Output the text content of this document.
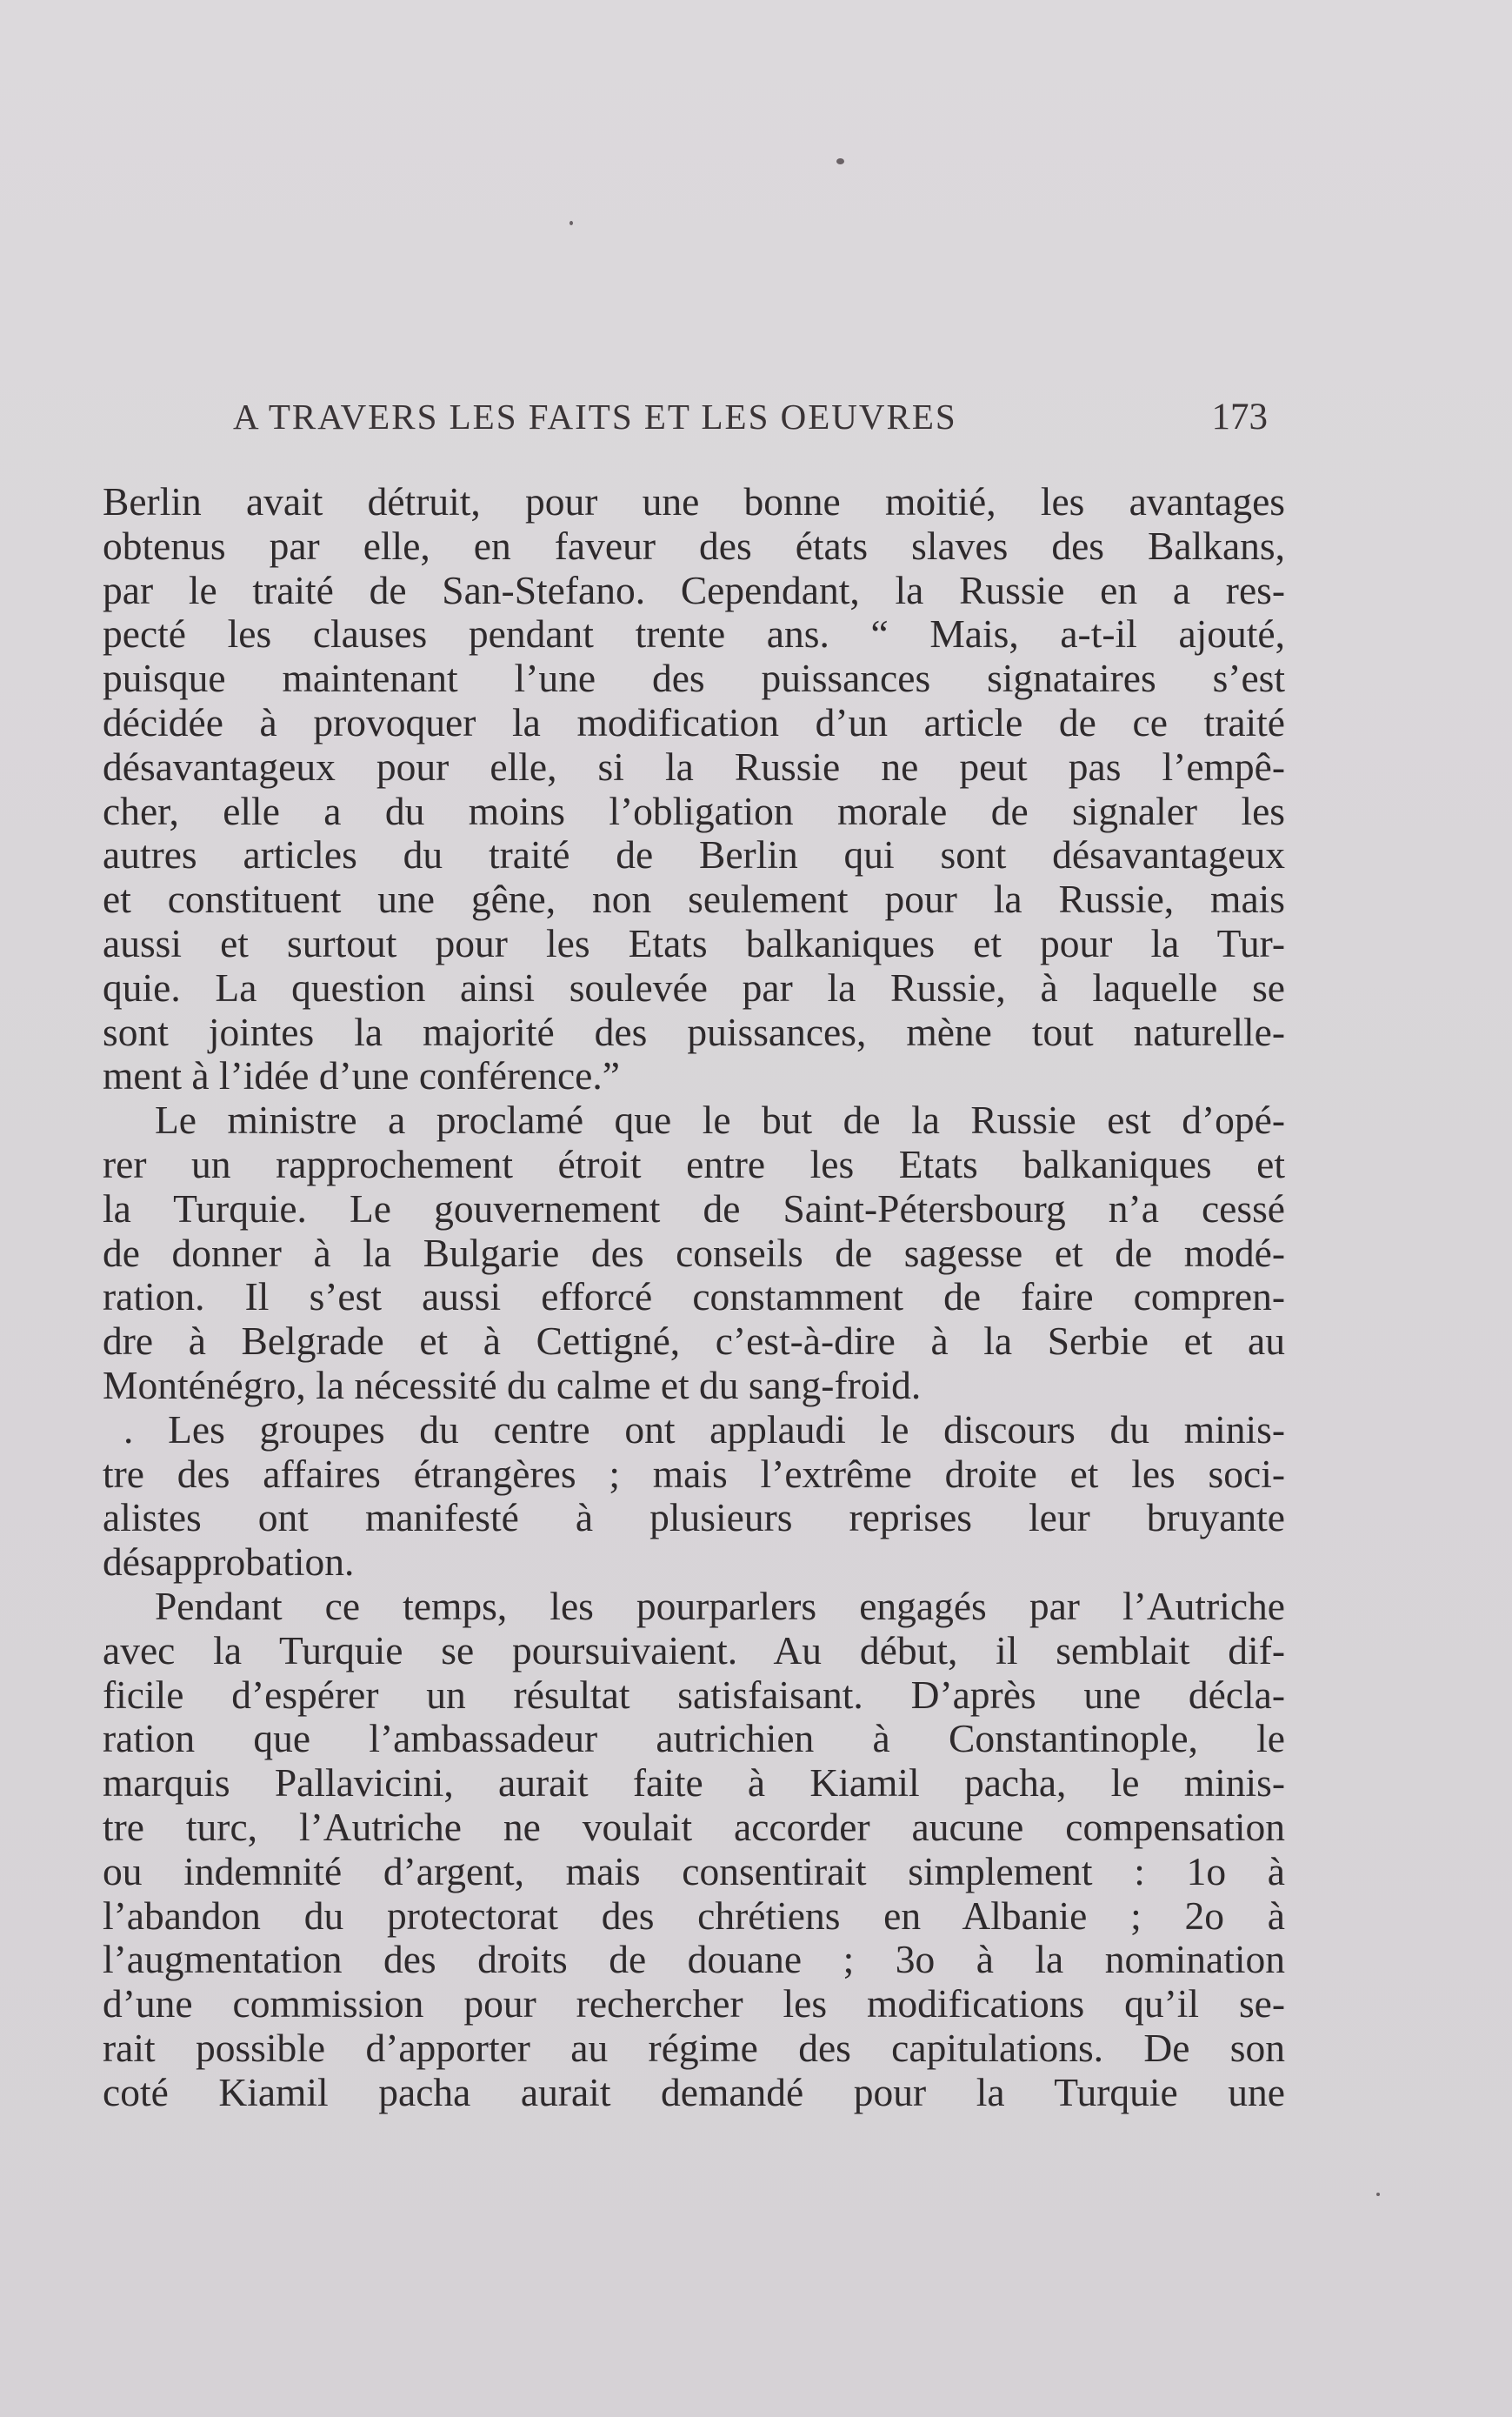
A TRAVERS LES FAITS ET LES OEUVRES	173
Berlin avait détruit, pour une bonne moitié, les avantages
obtenus par elle, en faveur des états slaves des Balkans,
par le traité de San-Stefano. Cependant, la Russie en a res-
pecté les clauses pendant trente ans. “ Mais, a-t-il ajouté,
puisque maintenant l’une des puissances signataires s’est
décidée à provoquer la modification d’un article de ce traité
désavantageux pour elle, si la Russie ne peut pas l’empê-
cher, elle a du moins l’obligation morale de signaler les
autres articles du traité de Berlin qui sont désavantageux
et constituent une gêne, non seulement pour la Russie, mais
aussi et surtout pour les Etats balkaniques et pour la Tur-
quie. La question ainsi soulevée par la Russie, à laquelle se
sont jointes la majorité des puissances, mène tout naturelle-
ment à l’idée d’une conférence.”
Le ministre a proclamé que le but de la Russie est d’opé-
rer un rapprochement étroit entre les Etats balkaniques et
la Turquie. Le gouvernement de Saint-Pétersbourg n’a cessé
de donner à la Bulgarie des conseils de sagesse et de modé-
ration. Il s’est aussi efforcé constamment de faire compren-
dre à Belgrade et à Cettigné, c’est-à-dire à la Serbie et au
Monténégro, la nécessité du calme et du sang-froid.
. Les groupes du centre ont applaudi le discours du minis-
tre des affaires étrangères ; mais l’extrême droite et les soci-
alistes ont manifesté à plusieurs reprises leur bruyante
désapprobation.
Pendant ce temps, les pourparlers engagés par l’Autriche
avec la Turquie se poursuivaient. Au début, il semblait dif-
ficile d’espérer un résultat satisfaisant. D’après une décla-
ration que l’ambassadeur autrichien à Constantinople, le
marquis Pallavicini, aurait faite à Kiamil pacha, le minis-
tre turc, l’Autriche ne voulait accorder aucune compensation
ou indemnité d’argent, mais consentirait simplement : 1o à
l’abandon du protectorat des chrétiens en Albanie ; 2o à
l’augmentation des droits de douane ; 3o à la nomination
d’une commission pour rechercher les modifications qu’il se-
rait possible d’apporter au régime des capitulations. De son
coté Kiamil pacha aurait demandé pour la Turquie une
